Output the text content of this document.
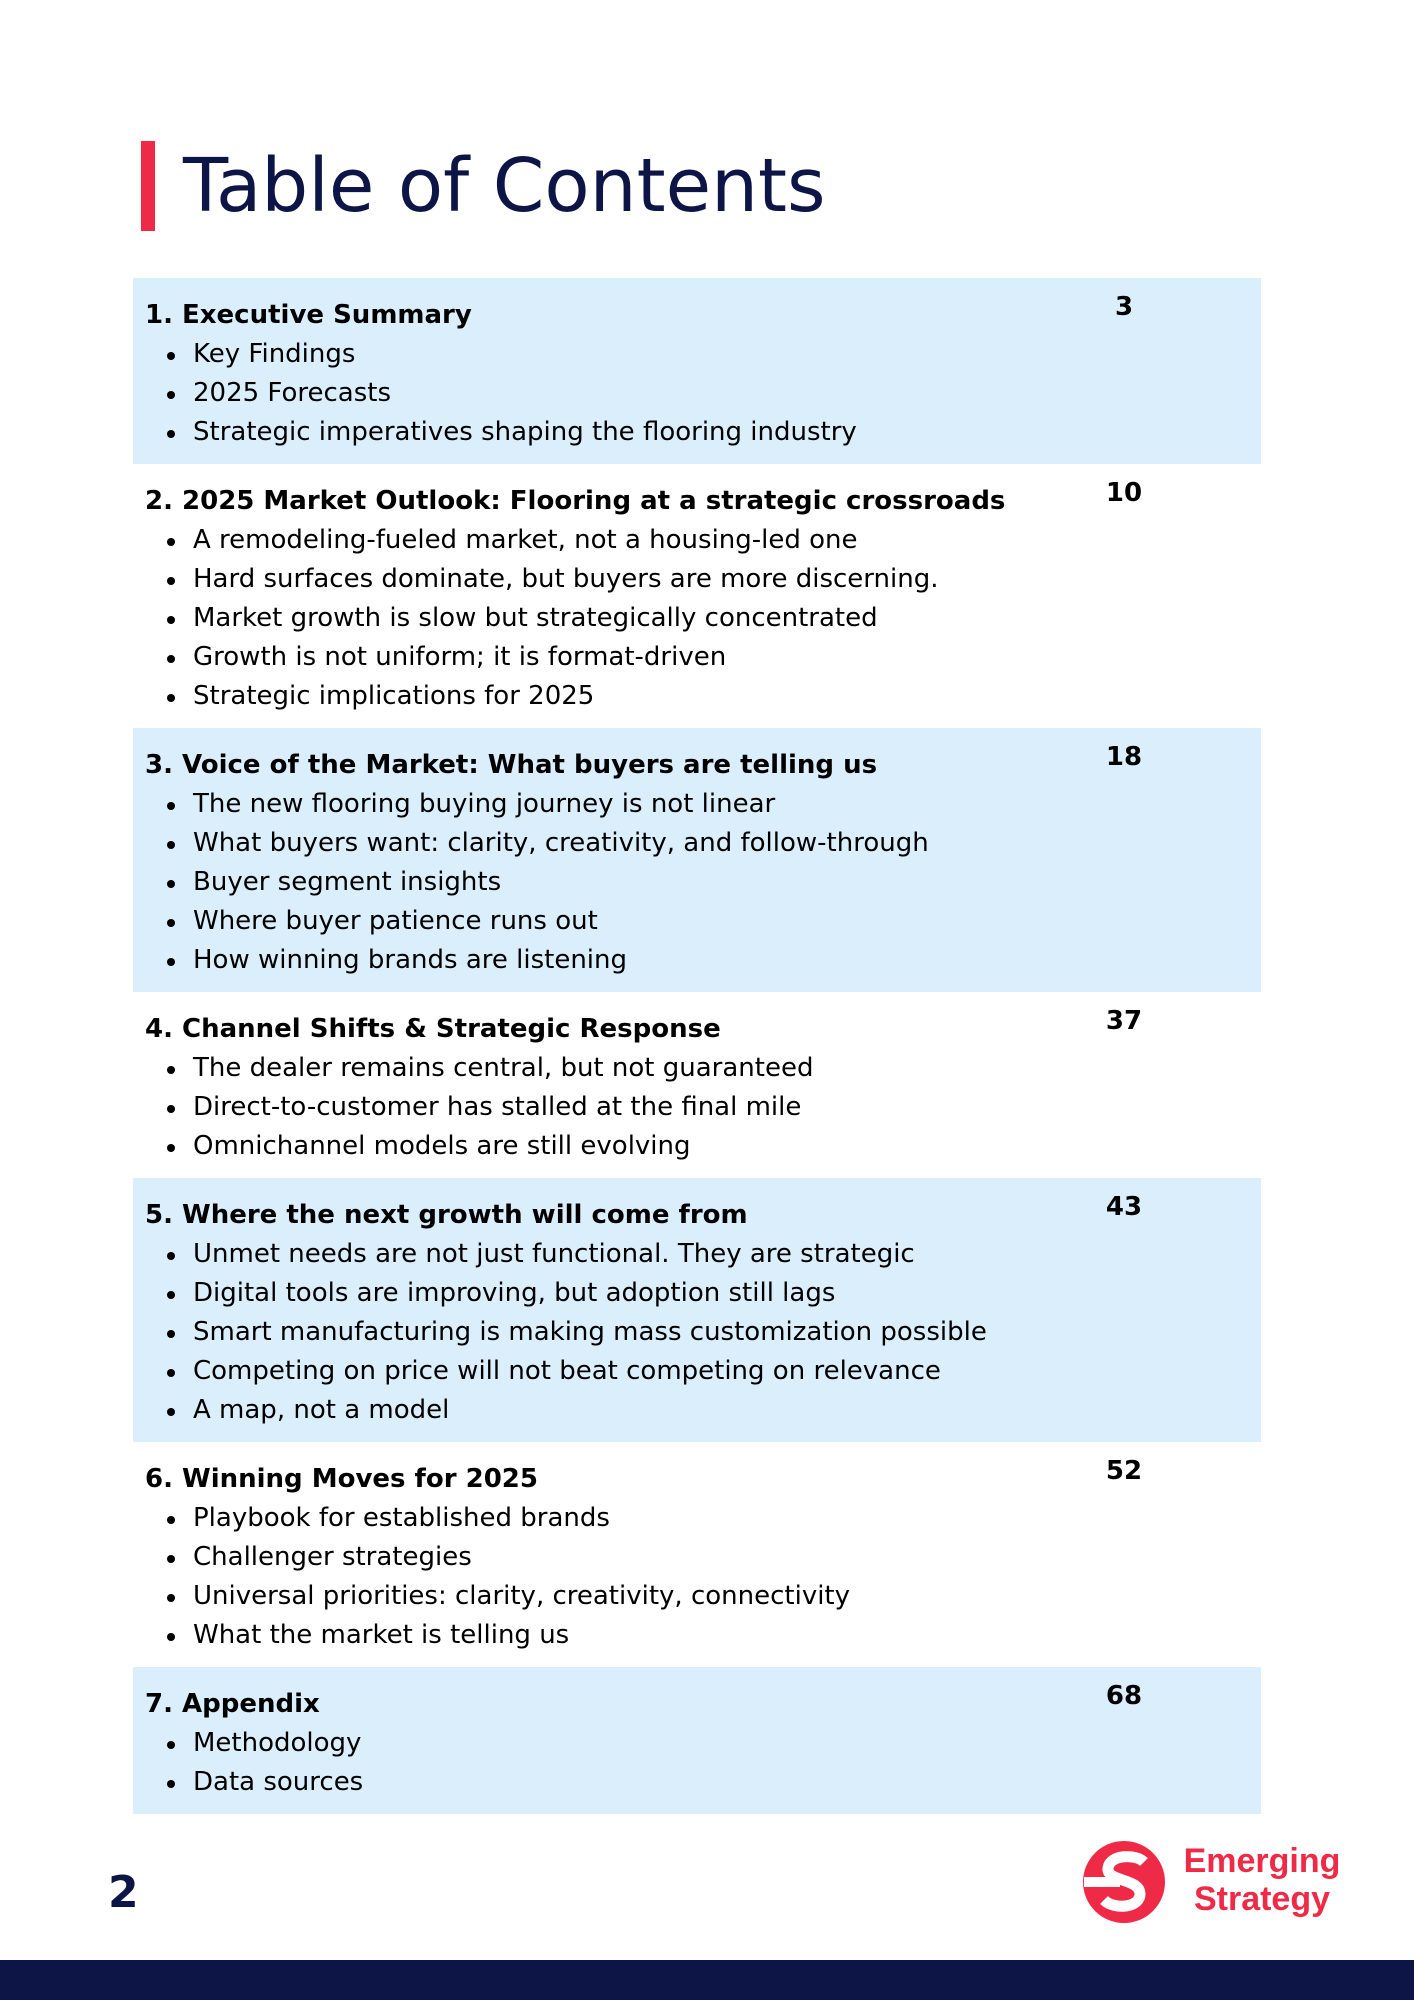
Table of Contents
1. Executive Summary	3
Key Findings
2025 Forecasts
Strategic imperatives shaping the flooring industry
2. 2025 Market Outlook: Flooring at a strategic crossroads	10
A remodeling-fueled market, not a housing-led one
Hard surfaces dominate, but buyers are more discerning.
Market growth is slow but strategically concentrated
Growth is not uniform; it is format-driven
Strategic implications for 2025
3. Voice of the Market: What buyers are telling us	18
The new flooring buying journey is not linear
What buyers want: clarity, creativity, and follow-through
Buyer segment insights
Where buyer patience runs out
How winning brands are listening
4. Channel Shifts & Strategic Response	37
The dealer remains central, but not guaranteed
Direct-to-customer has stalled at the final mile
Omnichannel models are still evolving
5. Where the next growth will come from	43
Unmet needs are not just functional. They are strategic
Digital tools are improving, but adoption still lags
Smart manufacturing is making mass customization possible
Competing on price will not beat competing on relevance
A map, not a model
6. Winning Moves for 2025	52
Playbook for established brands
Challenger strategies
Universal priorities: clarity, creativity, connectivity
What the market is telling us
7. Appendix	68
Methodology
Data sources
2
Emerging
Strategy
